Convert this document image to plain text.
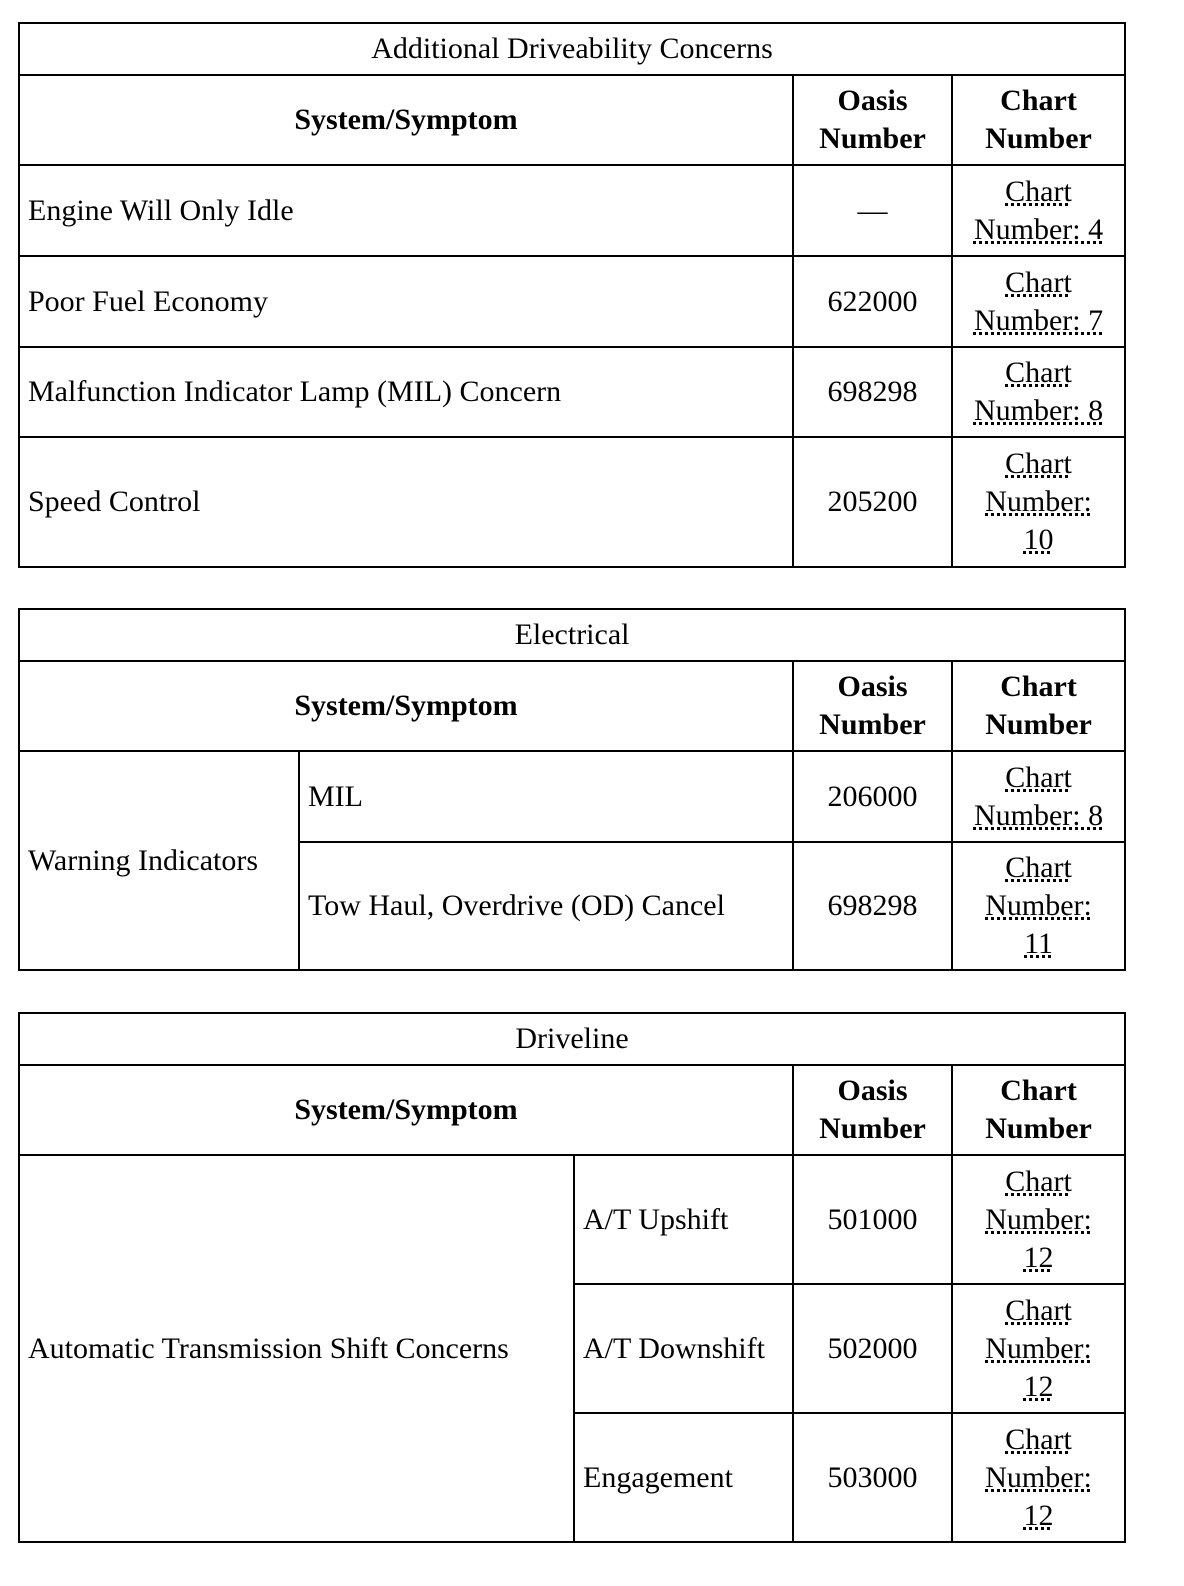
Additional Driveability Concerns		
System/Symptom	Oasis Number	Chart Number
Engine Will Only Idle	—	Chart Number: 4
Poor Fuel Economy	622000	Chart Number: 7
Malfunction Indicator Lamp (MIL) Concern	698298	Chart Number: 8
Speed Control	205200	Chart Number: 10
Electrical			
System/Symptom		Oasis Number	Chart Number
Warning Indicators	MIL	206000	Chart Number: 8
	Tow Haul, Overdrive (OD) Cancel	698298	Chart Number: 11
Driveline			
System/Symptom		Oasis Number	Chart Number
Automatic Transmission Shift Concerns	A/T Upshift	501000	Chart Number: 12
	A/T Downshift	502000	Chart Number: 12
	Engagement	503000	Chart Number: 12
